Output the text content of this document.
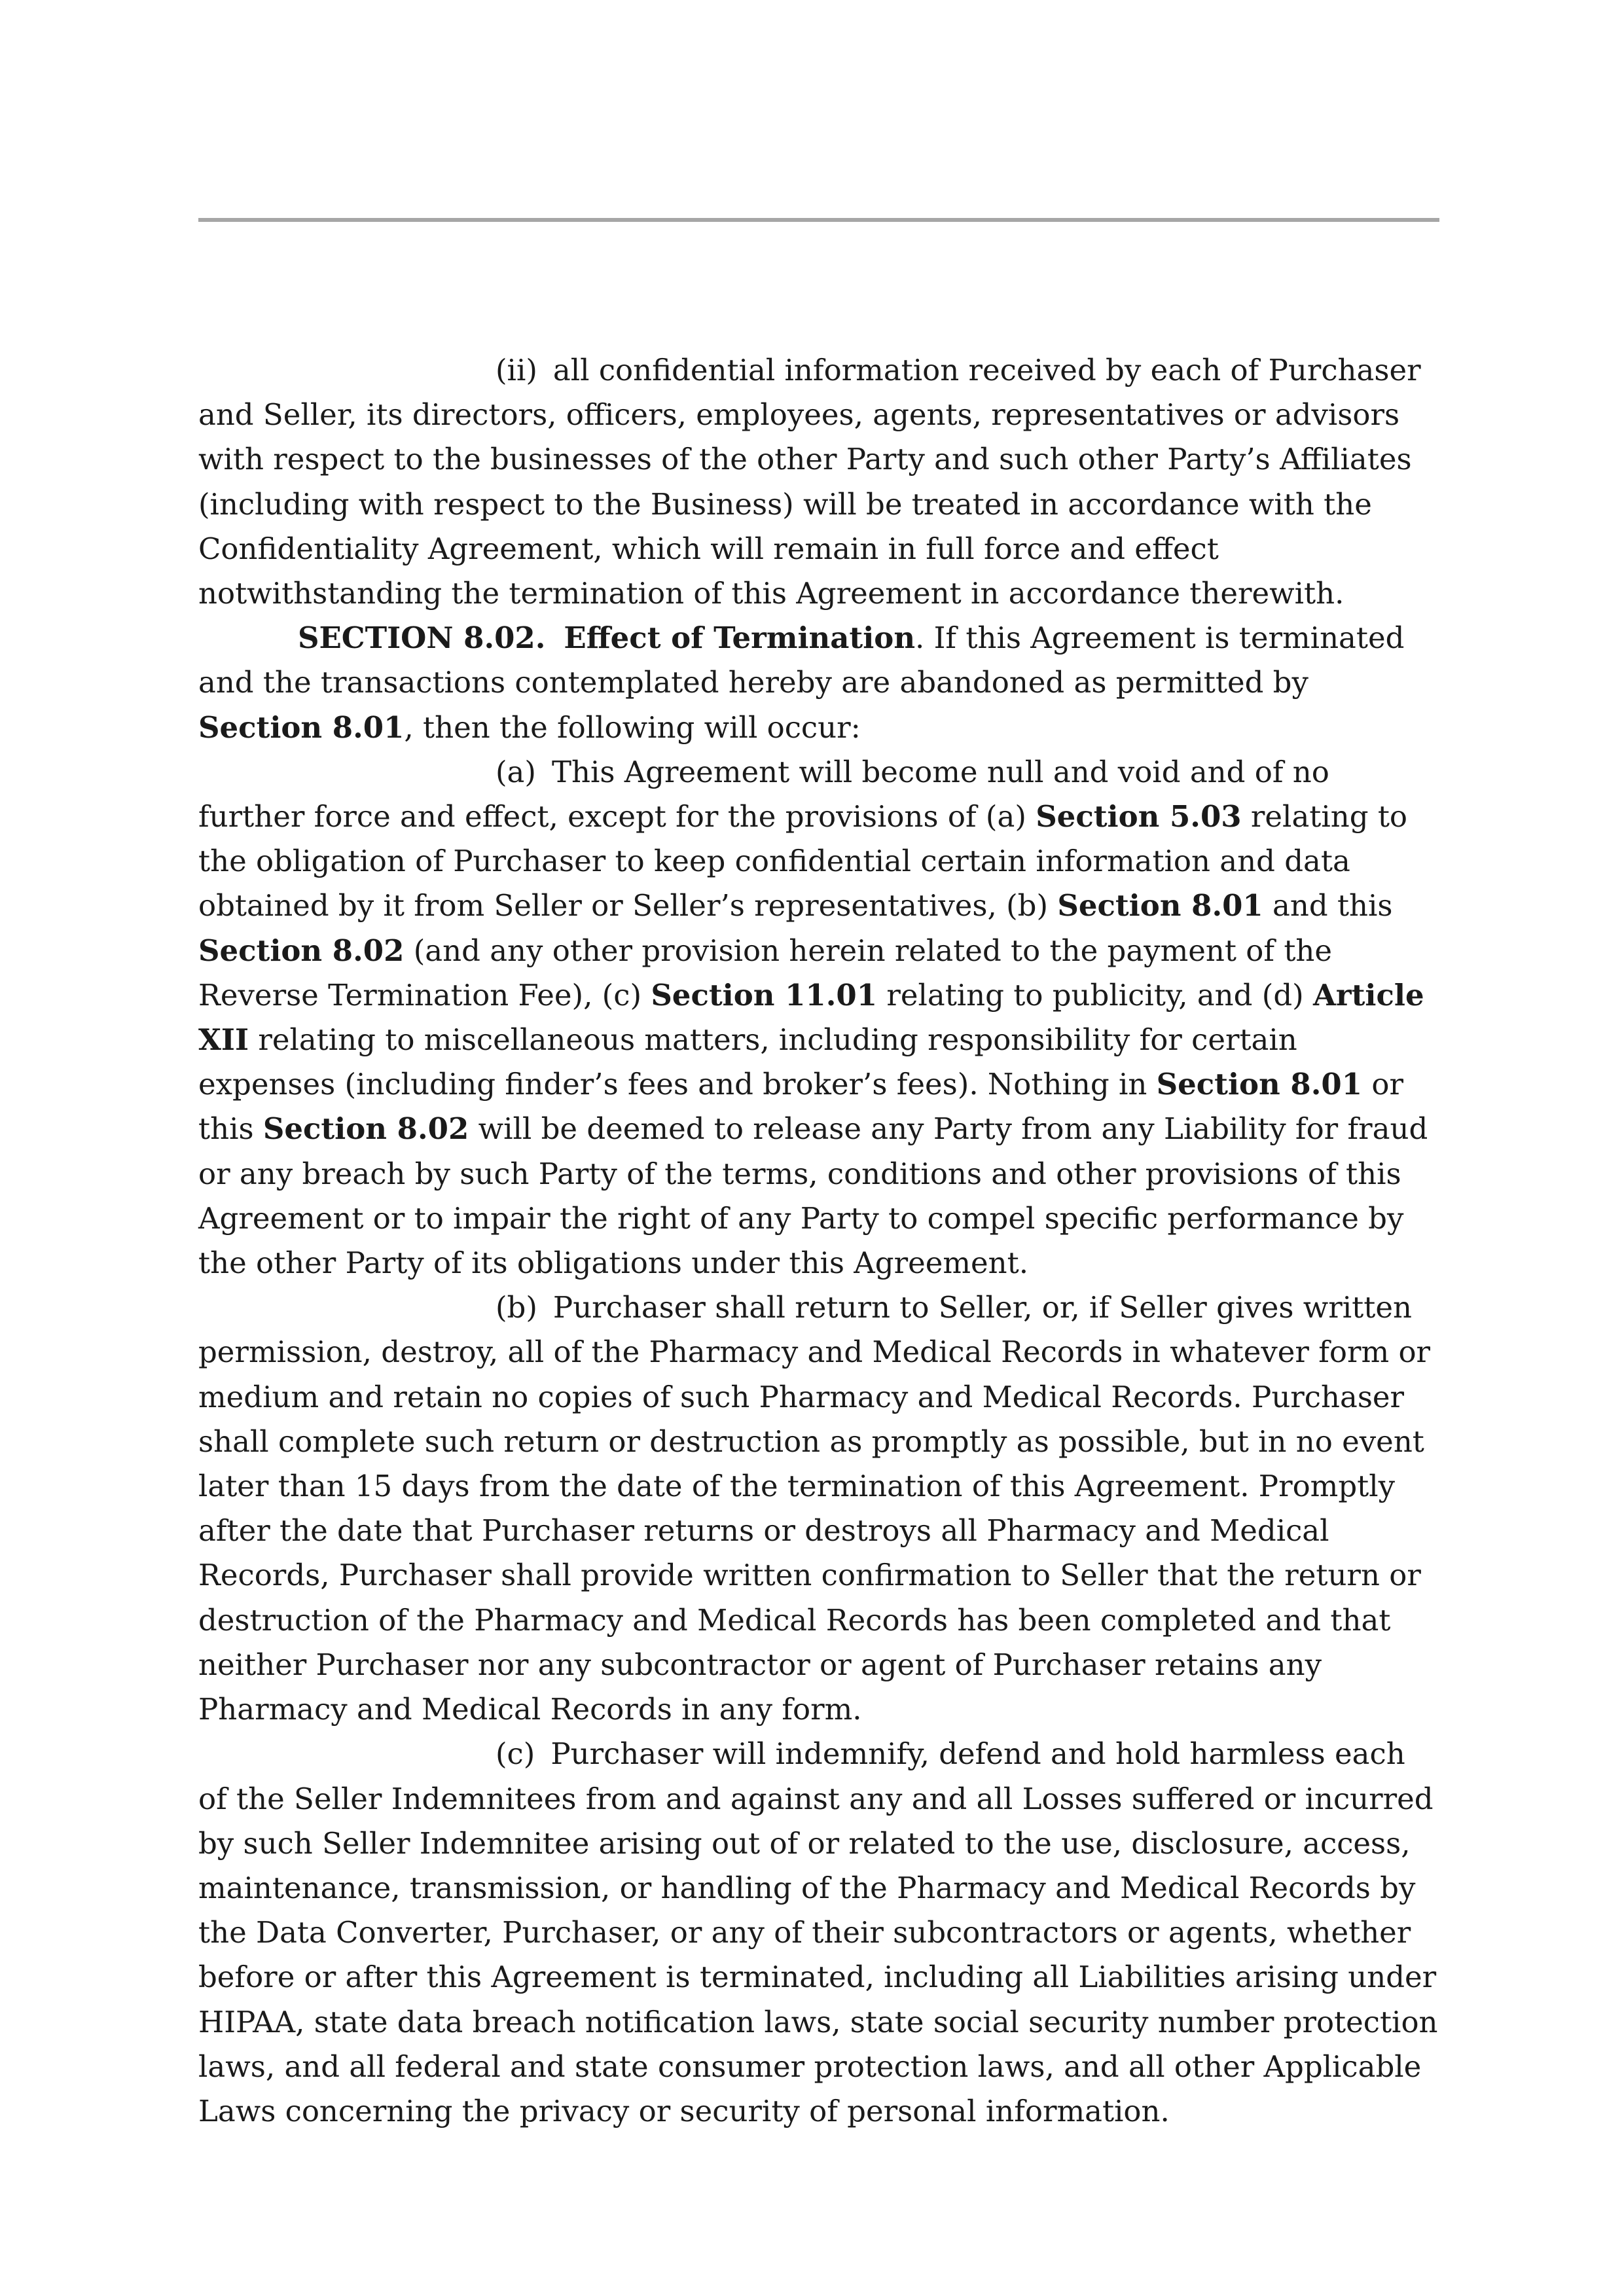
(ii) all confidential information received by each of Purchaser and Seller, its directors, officers, employees, agents, representatives or advisors with respect to the businesses of the other Party and such other Party’s Affiliates (including with respect to the Business) will be treated in accordance with the Confidentiality Agreement, which will remain in full force and effect notwithstanding the termination of this Agreement in accordance therewith.

SECTION 8.02. Effect of Termination. If this Agreement is terminated and the transactions contemplated hereby are abandoned as permitted by Section 8.01, then the following will occur:

(a) This Agreement will become null and void and of no further force and effect, except for the provisions of (a) Section 5.03 relating to the obligation of Purchaser to keep confidential certain information and data obtained by it from Seller or Seller’s representatives, (b) Section 8.01 and this Section 8.02 (and any other provision herein related to the payment of the Reverse Termination Fee), (c) Section 11.01 relating to publicity, and (d) Article XII relating to miscellaneous matters, including responsibility for certain expenses (including finder’s fees and broker’s fees). Nothing in Section 8.01 or this Section 8.02 will be deemed to release any Party from any Liability for fraud or any breach by such Party of the terms, conditions and other provisions of this Agreement or to impair the right of any Party to compel specific performance by the other Party of its obligations under this Agreement.

(b) Purchaser shall return to Seller, or, if Seller gives written permission, destroy, all of the Pharmacy and Medical Records in whatever form or medium and retain no copies of such Pharmacy and Medical Records. Purchaser shall complete such return or destruction as promptly as possible, but in no event later than 15 days from the date of the termination of this Agreement. Promptly after the date that Purchaser returns or destroys all Pharmacy and Medical Records, Purchaser shall provide written confirmation to Seller that the return or destruction of the Pharmacy and Medical Records has been completed and that neither Purchaser nor any subcontractor or agent of Purchaser retains any Pharmacy and Medical Records in any form.

(c) Purchaser will indemnify, defend and hold harmless each of the Seller Indemnitees from and against any and all Losses suffered or incurred by such Seller Indemnitee arising out of or related to the use, disclosure, access, maintenance, transmission, or handling of the Pharmacy and Medical Records by the Data Converter, Purchaser, or any of their subcontractors or agents, whether before or after this Agreement is terminated, including all Liabilities arising under HIPAA, state data breach notification laws, state social security number protection laws, and all federal and state consumer protection laws, and all other Applicable Laws concerning the privacy or security of personal information.
